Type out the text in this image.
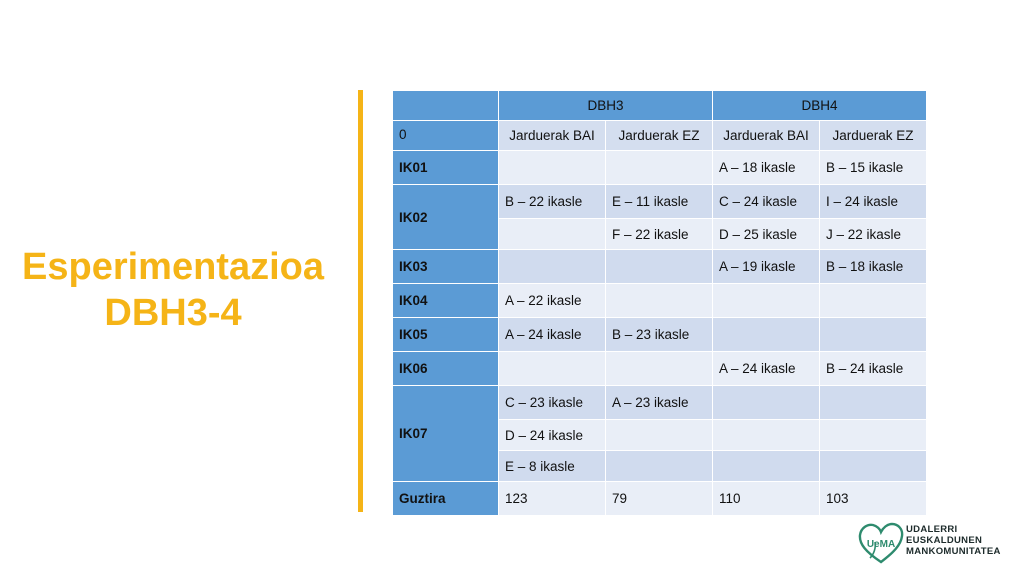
Esperimentazioa
DBH3-4
	DBH3		DBH4	
0	Jarduerak BAI	Jarduerak EZ	Jarduerak BAI	Jarduerak EZ
IK01			A – 18 ikasle	B – 15 ikasle
IK02	B – 22 ikasle	E – 11 ikasle	C – 24 ikasle	I – 24 ikasle
		F – 22 ikasle	D – 25 ikasle	J – 22 ikasle
IK03			A – 19 ikasle	B – 18 ikasle
IK04	A – 22 ikasle			
IK05	A – 24 ikasle	B – 23 ikasle		
IK06			A – 24 ikasle	B – 24 ikasle
IK07	C – 23 ikasle	A – 23 ikasle		
	D – 24 ikasle			
	E – 8 ikasle			
Guztira	123	79	110	103
UeMA
UDALERRI
EUSKALDUNEN
MANKOMUNITATEA
